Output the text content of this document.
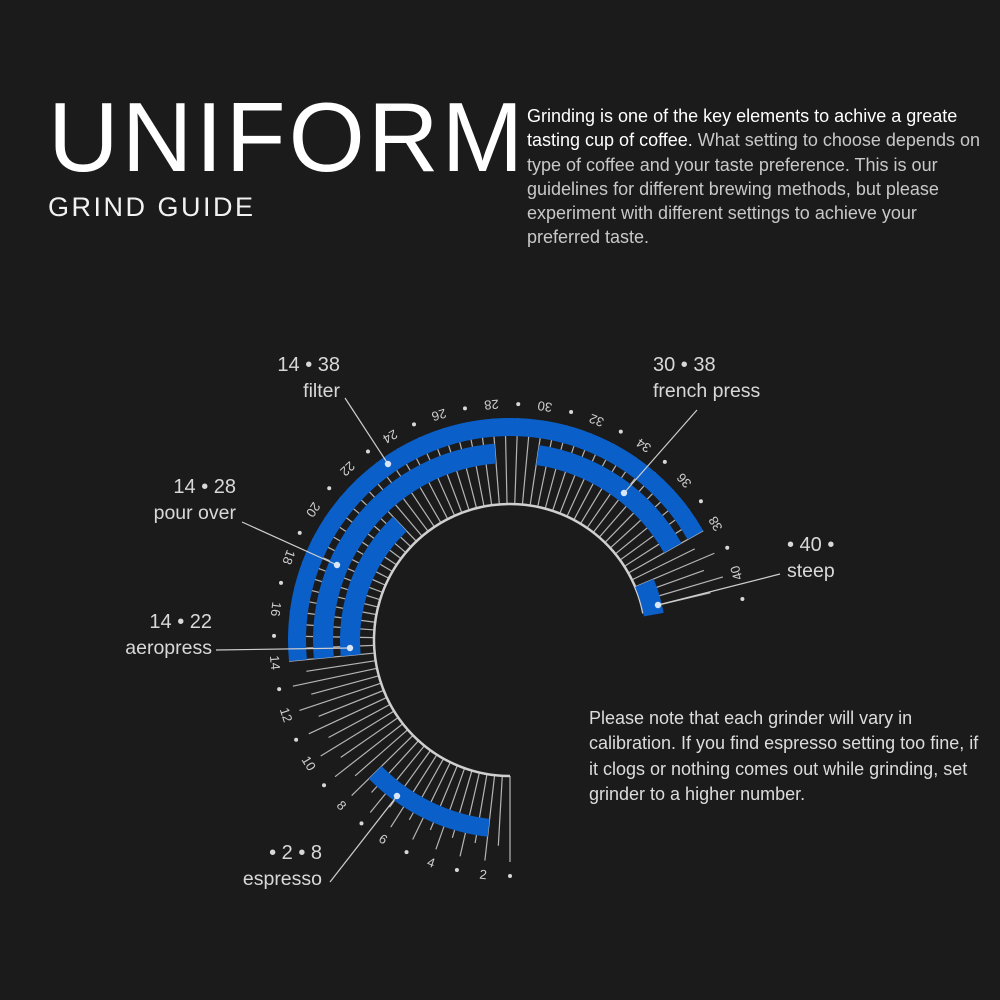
UNIFORM
GRIND GUIDE
Grinding is one of the key elements to achive a greate tasting cup of coffee. What setting to choose depends on type of coffee and your taste preference. This is our guidelines for different brewing methods, but please experiment with different settings to achieve your preferred taste.
Please note that each grinder will vary in calibration. If you find espresso setting too fine, if it clogs or nothing comes out while grinding, set grinder to a higher number.
2
4
6
8
10
12
14
16
18
20
22
24
26
28	30
32
34
36
38
40
14 • 38
filter
30 • 38
french press
14 • 28
pour over
14 • 22
aeropress
• 2 • 8
espresso
• 40 •
steep
